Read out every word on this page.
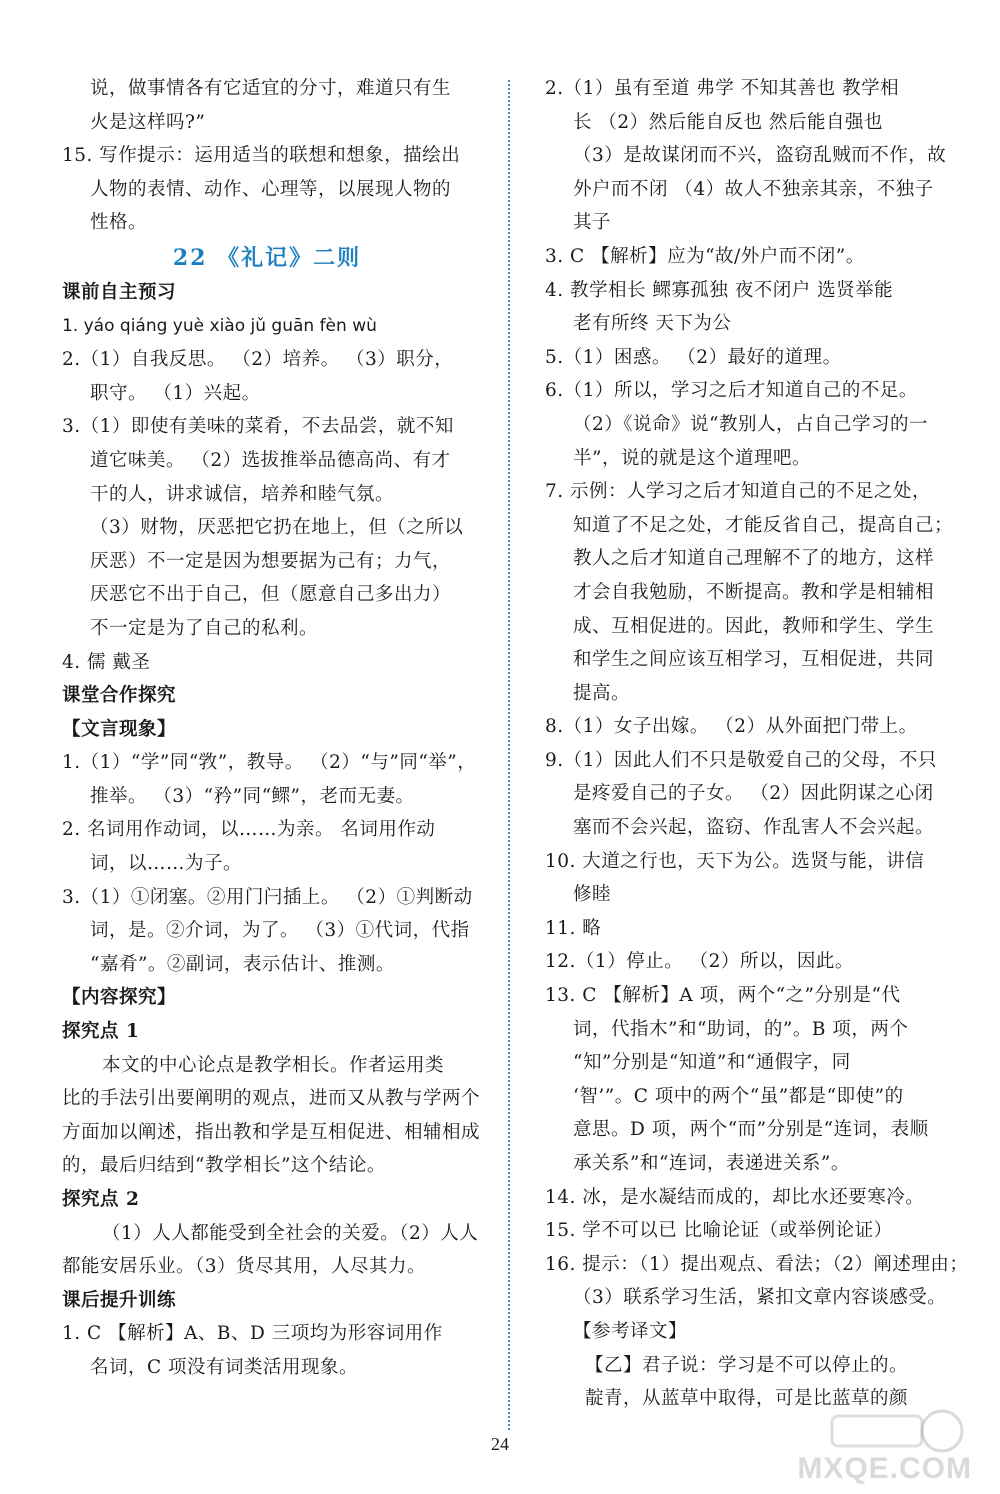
说，做事情各有它适宜的分寸，难道只有生
火是这样吗?”
15. 写作提示：运用适当的联想和想象，描绘出
人物的表情、动作、心理等，以展现人物的
性格。
22 《礼记》二则
课前自主预习
1. yáo qiáng yuè xiào jǔ guān fèn wù
2.（1）自我反思。 （2）培养。 （3）职分，
职守。 （1）兴起。
3.（1）即使有美味的菜肴，不去品尝，就不知
道它味美。 （2）选拔推举品德高尚、有才
干的人，讲求诚信，培养和睦气氛。
（3）财物，厌恶把它扔在地上，但（之所以
厌恶）不一定是因为想要据为己有；力气，
厌恶它不出于自己，但（愿意自己多出力）
不一定是为了自己的私利。
4. 儒 戴圣
课堂合作探究
【文言现象】
1.（1）“学”同“敩”，教导。 （2）“与”同“举”，
推举。 （3）“矜”同“鳏”，老而无妻。
2. 名词用作动词，以……为亲。 名词用作动
词，以……为子。
3.（1）①闭塞。②用门闩插上。 （2）①判断动
词，是。②介词，为了。 （3）①代词，代指
“嘉肴”。②副词，表示估计、推测。
【内容探究】
探究点 1
本文的中心论点是教学相长。作者运用类
比的手法引出要阐明的观点，进而又从教与学两个
方面加以阐述，指出教和学是互相促进、相辅相成
的，最后归结到“教学相长”这个结论。
探究点 2
（1）人人都能受到全社会的关爱。（2）人人
都能安居乐业。（3）货尽其用，人尽其力。
课后提升训练
1. C 【解析】A、B、D 三项均为形容词用作
名词，C 项没有词类活用现象。
2.（1）虽有至道 弗学 不知其善也 教学相
长 （2）然后能自反也 然后能自强也
（3）是故谋闭而不兴，盗窃乱贼而不作，故
外户而不闭 （4）故人不独亲其亲，不独子
其子
3. C 【解析】应为“故/外户而不闭”。
4. 教学相长 鳏寡孤独 夜不闭户 选贤举能
老有所终 天下为公
5.（1）困惑。 （2）最好的道理。
6.（1）所以，学习之后才知道自己的不足。
（2）《说命》说“教别人，占自己学习的一
半”，说的就是这个道理吧。
7. 示例：人学习之后才知道自己的不足之处，
知道了不足之处，才能反省自己，提高自己；
教人之后才知道自己理解不了的地方，这样
才会自我勉励，不断提高。教和学是相辅相
成、互相促进的。因此，教师和学生、学生
和学生之间应该互相学习，互相促进，共同
提高。
8.（1）女子出嫁。 （2）从外面把门带上。
9.（1）因此人们不只是敬爱自己的父母，不只
是疼爱自己的子女。 （2）因此阴谋之心闭
塞而不会兴起，盗窃、作乱害人不会兴起。
10. 大道之行也，天下为公。选贤与能，讲信
修睦
11. 略
12.（1）停止。 （2）所以，因此。
13. C 【解析】A 项，两个“之”分别是“代
词，代指木”和“助词，的”。B 项，两个
“知”分别是“知道”和“通假字，同
‘智’”。C 项中的两个“虽”都是“即使”的
意思。D 项，两个“而”分别是“连词，表顺
承关系”和“连词，表递进关系”。
14. 冰，是水凝结而成的，却比水还要寒冷。
15. 学不可以已 比喻论证（或举例论证）
16. 提示：（1）提出观点、看法；（2）阐述理由；
（3）联系学习生活，紧扣文章内容谈感受。
【参考译文】
【乙】君子说：学习是不可以停止的。
靛青，从蓝草中取得，可是比蓝草的颜
24
MXQE.COM
